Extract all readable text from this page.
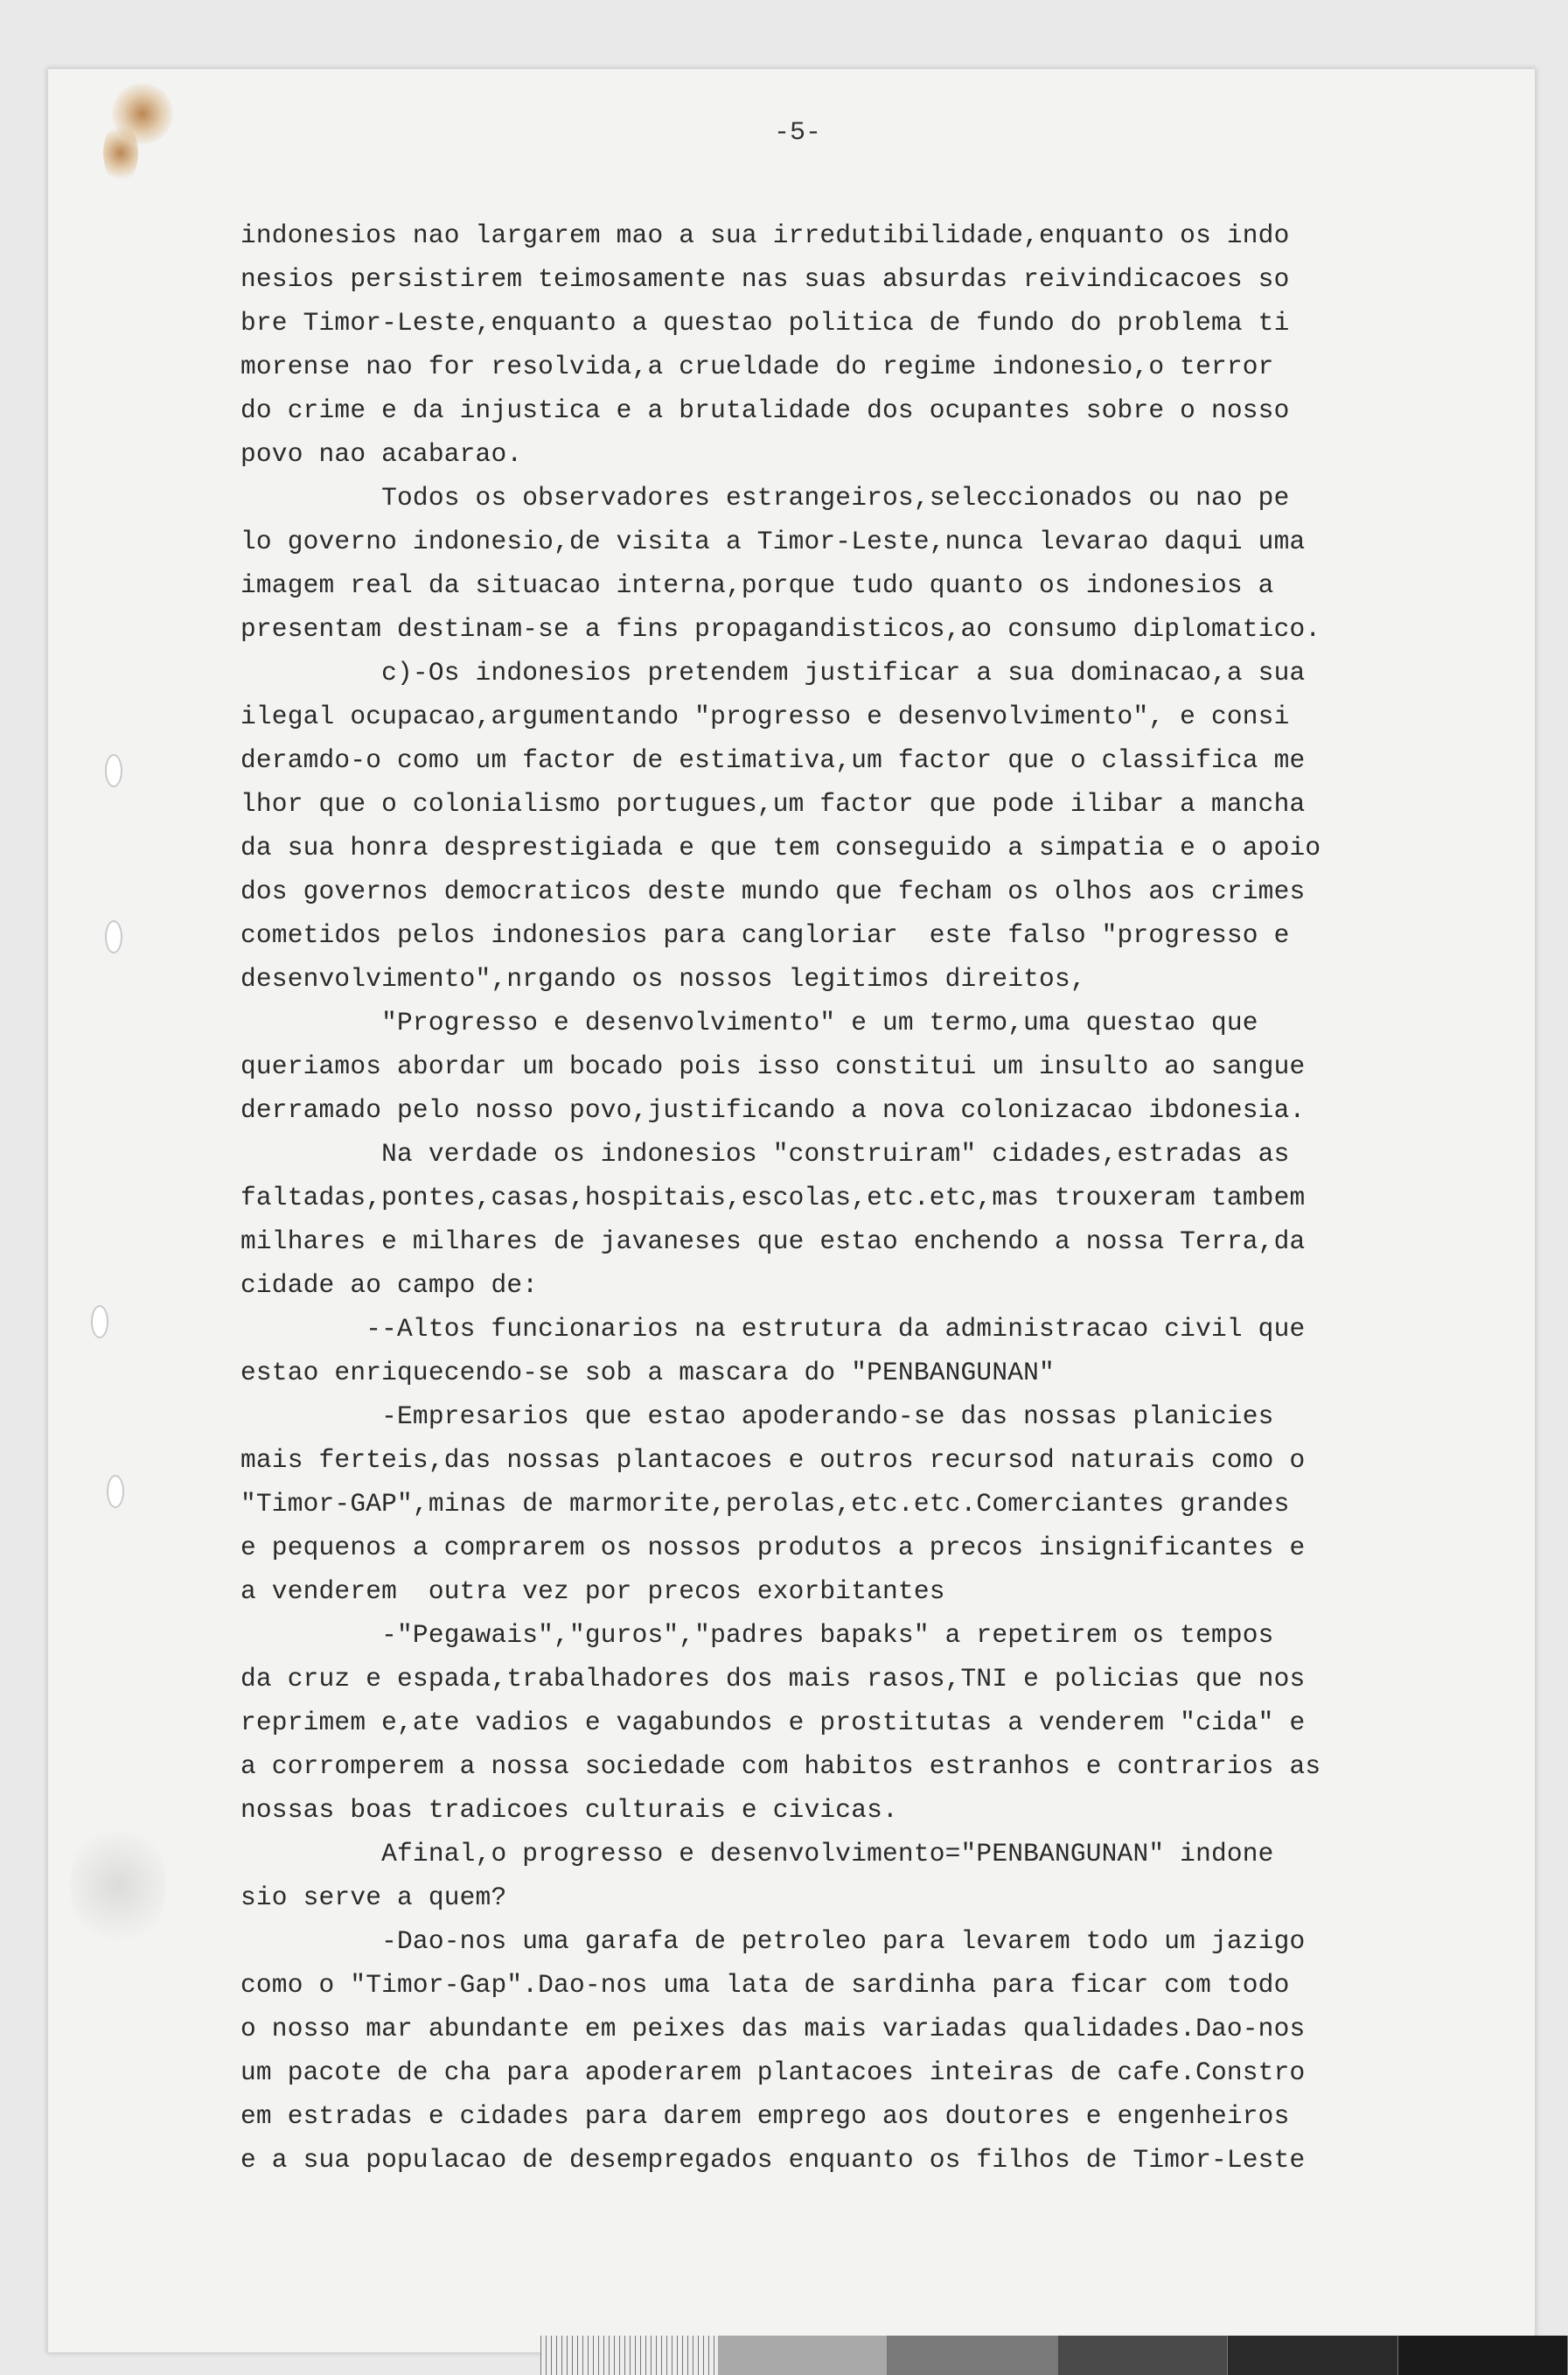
-5-
indonesios nao largarem mao a sua irredutibilidade,enquanto os indo
nesios persistirem teimosamente nas suas absurdas reivindicacoes so
bre Timor-Leste,enquanto a questao politica de fundo do problema ti
morense nao for resolvida,a crueldade do regime indonesio,o terror
do crime e da injustica e a brutalidade dos ocupantes sobre o nosso
povo nao acabarao.
Todos os observadores estrangeiros,seleccionados ou nao pe
lo governo indonesio,de visita a Timor-Leste,nunca levarao daqui uma
imagem real da situacao interna,porque tudo quanto os indonesios a
presentam destinam-se a fins propagandisticos,ao consumo diplomatico.
c)-Os indonesios pretendem justificar a sua dominacao,a sua
ilegal ocupacao,argumentando "progresso e desenvolvimento", e consi
deramdo-o como um factor de estimativa,um factor que o classifica me
lhor que o colonialismo portugues,um factor que pode ilibar a mancha
da sua honra desprestigiada e que tem conseguido a simpatia e o apoio
dos governos democraticos deste mundo que fecham os olhos aos crimes
cometidos pelos indonesios para cangloriar  este falso "progresso e
desenvolvimento",nrgando os nossos legitimos direitos,
"Progresso e desenvolvimento" e um termo,uma questao que
queriamos abordar um bocado pois isso constitui um insulto ao sangue
derramado pelo nosso povo,justificando a nova colonizacao ibdonesia.
Na verdade os indonesios "construiram" cidades,estradas as
faltadas,pontes,casas,hospitais,escolas,etc.etc,mas trouxeram tambem
milhares e milhares de javaneses que estao enchendo a nossa Terra,da
cidade ao campo de:
--Altos funcionarios na estrutura da administracao civil que
estao enriquecendo-se sob a mascara do "PENBANGUNAN"
-Empresarios que estao apoderando-se das nossas planicies
mais ferteis,das nossas plantacoes e outros recursod naturais como o
"Timor-GAP",minas de marmorite,perolas,etc.etc.Comerciantes grandes
e pequenos a comprarem os nossos produtos a precos insignificantes e
a venderem  outra vez por precos exorbitantes
-"Pegawais","guros","padres bapaks" a repetirem os tempos
da cruz e espada,trabalhadores dos mais rasos,TNI e policias que nos
reprimem e,ate vadios e vagabundos e prostitutas a venderem "cida" e
a corromperem a nossa sociedade com habitos estranhos e contrarios as
nossas boas tradicoes culturais e civicas.
Afinal,o progresso e desenvolvimento="PENBANGUNAN" indone
sio serve a quem?
-Dao-nos uma garafa de petroleo para levarem todo um jazigo
como o "Timor-Gap".Dao-nos uma lata de sardinha para ficar com todo
o nosso mar abundante em peixes das mais variadas qualidades.Dao-nos
um pacote de cha para apoderarem plantacoes inteiras de cafe.Constro
em estradas e cidades para darem emprego aos doutores e engenheiros
e a sua populacao de desempregados enquanto os filhos de Timor-Leste
